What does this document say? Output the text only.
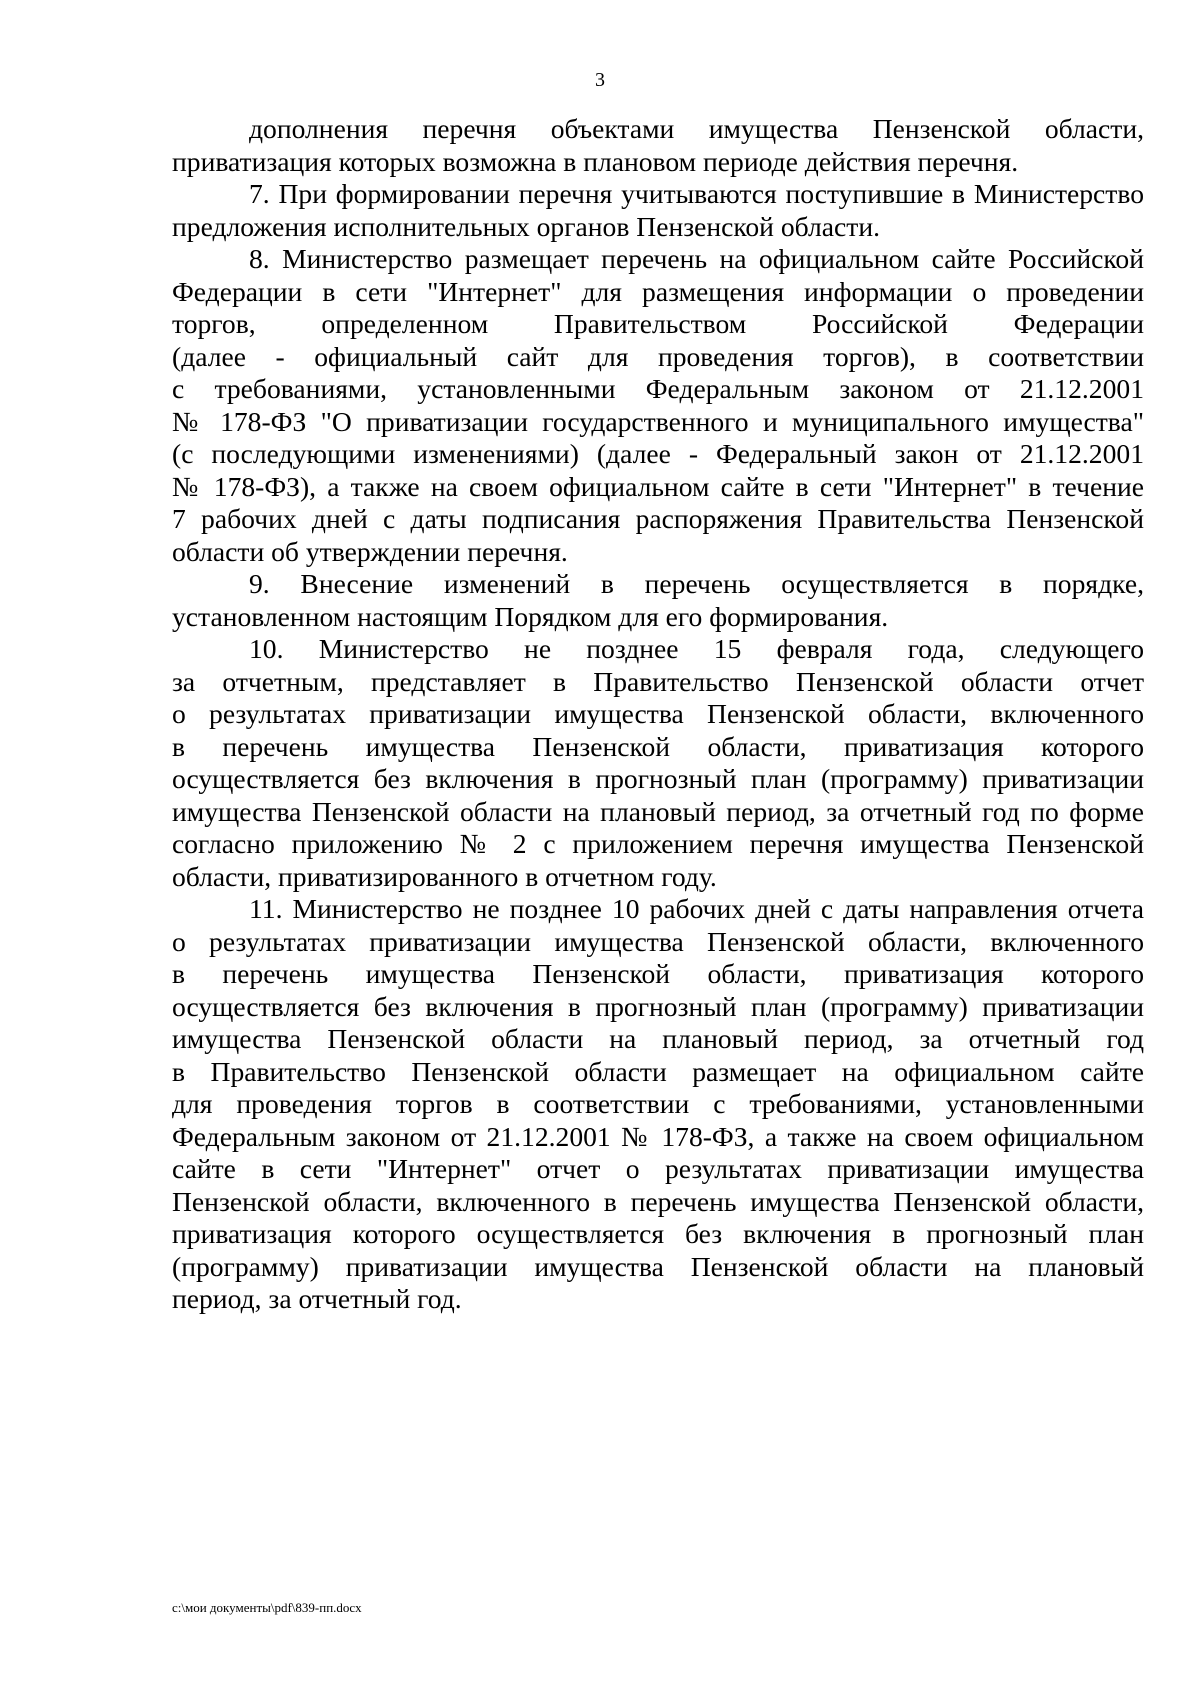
3

дополнения перечня объектами имущества Пензенской области,
приватизация которых возможна в плановом периоде действия перечня.

7. При формировании перечня учитываются поступившие в Министерство
предложения исполнительных органов Пензенской области.

8. Министерство размещает перечень на официальном сайте Российской
Федерации в сети "Интернет" для размещения информации о проведении
торгов, определенном Правительством Российской Федерации
(далее - официальный сайт для проведения торгов), в соответствии
с требованиями, установленными Федеральным законом от 21.12.2001
№ 178-ФЗ "О приватизации государственного и муниципального имущества"
(с последующими изменениями) (далее - Федеральный закон от 21.12.2001
№ 178-ФЗ), а также на своем официальном сайте в сети "Интернет" в течение
7 рабочих дней с даты подписания распоряжения Правительства Пензенской
области об утверждении перечня.

9. Внесение изменений в перечень осуществляется в порядке,
установленном настоящим Порядком для его формирования.

10. Министерство не позднее 15 февраля года, следующего
за отчетным, представляет в Правительство Пензенской области отчет
о результатах приватизации имущества Пензенской области, включенного
в перечень имущества Пензенской области, приватизация которого
осуществляется без включения в прогнозный план (программу) приватизации
имущества Пензенской области на плановый период, за отчетный год по форме
согласно приложению № 2 с приложением перечня имущества Пензенской
области, приватизированного в отчетном году.

11. Министерство не позднее 10 рабочих дней с даты направления отчета
о результатах приватизации имущества Пензенской области, включенного
в перечень имущества Пензенской области, приватизация которого
осуществляется без включения в прогнозный план (программу) приватизации
имущества Пензенской области на плановый период, за отчетный год
в Правительство Пензенской области размещает на официальном сайте
для проведения торгов в соответствии с требованиями, установленными
Федеральным законом от 21.12.2001 № 178-ФЗ, а также на своем официальном
сайте в сети "Интернет" отчет о результатах приватизации имущества
Пензенской области, включенного в перечень имущества Пензенской области,
приватизация которого осуществляется без включения в прогнозный план
(программу) приватизации имущества Пензенской области на плановый
период, за отчетный год.

c:\мои документы\pdf\839-пп.docx
